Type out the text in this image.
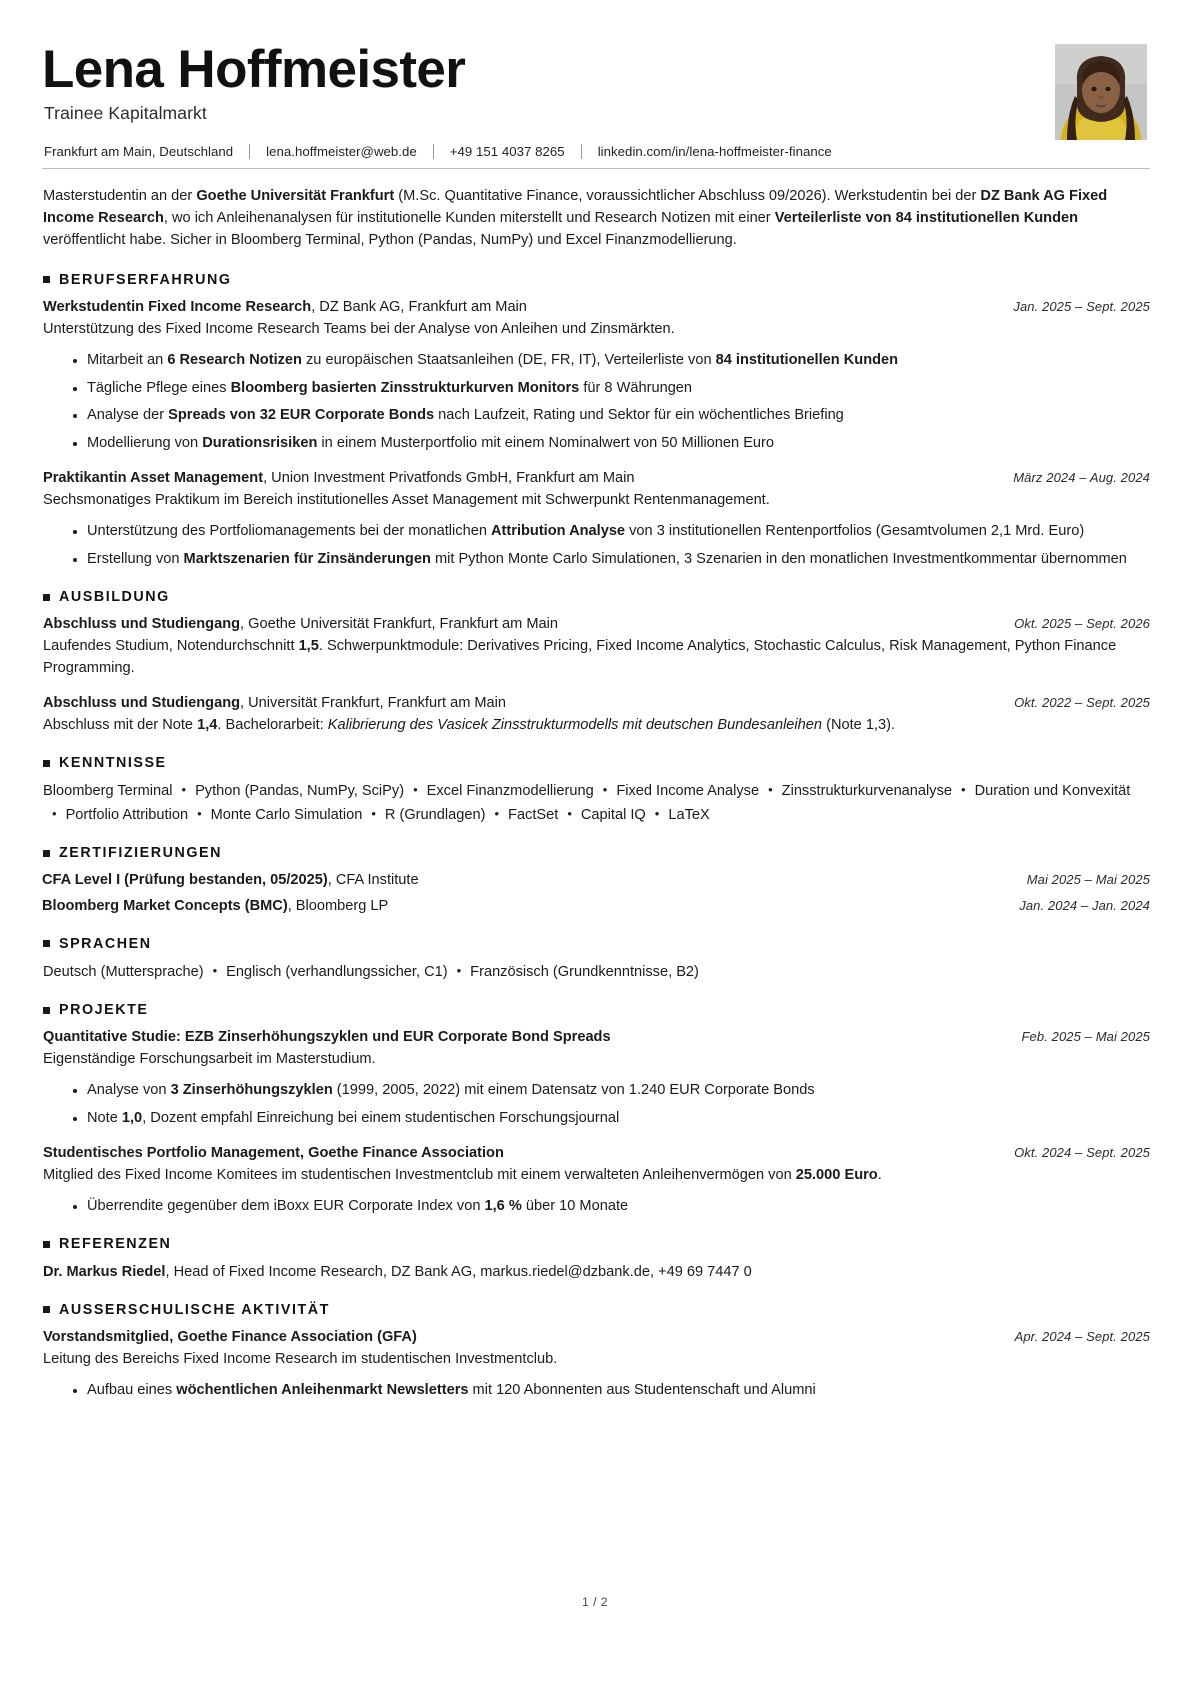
Lena Hoffmeister
Trainee Kapitalmarkt
Frankfurt am Main, Deutschland	lena.hoffmeister@web.de	+49 151 4037 8265	linkedin.com/in/lena-hoffmeister-finance

Masterstudentin an der Goethe Universität Frankfurt (M.Sc. Quantitative Finance, voraussichtlicher Abschluss 09/2026). Werkstudentin bei der DZ Bank AG Fixed Income Research, wo ich Anleihenanalysen für institutionelle Kunden miterstellt und Research Notizen mit einer Verteilerliste von 84 institutionellen Kunden veröffentlicht habe. Sicher in Bloomberg Terminal, Python (Pandas, NumPy) und Excel Finanzmodellierung.

BERUFSERFAHRUNG
Werkstudentin Fixed Income Research, DZ Bank AG, Frankfurt am Main	Jan. 2025 – Sept. 2025
Unterstützung des Fixed Income Research Teams bei der Analyse von Anleihen und Zinsmärkten.
Mitarbeit an 6 Research Notizen zu europäischen Staatsanleihen (DE, FR, IT), Verteilerliste von 84 institutionellen Kunden
Tägliche Pflege eines Bloomberg basierten Zinsstrukturkurven Monitors für 8 Währungen
Analyse der Spreads von 32 EUR Corporate Bonds nach Laufzeit, Rating und Sektor für ein wöchentliches Briefing
Modellierung von Durationsrisiken in einem Musterportfolio mit einem Nominalwert von 50 Millionen Euro
Praktikantin Asset Management, Union Investment Privatfonds GmbH, Frankfurt am Main	März 2024 – Aug. 2024
Sechsmonatiges Praktikum im Bereich institutionelles Asset Management mit Schwerpunkt Rentenmanagement.
Unterstützung des Portfoliomanagements bei der monatlichen Attribution Analyse von 3 institutionellen Rentenportfolios (Gesamtvolumen 2,1 Mrd. Euro)
Erstellung von Marktszenarien für Zinsänderungen mit Python Monte Carlo Simulationen, 3 Szenarien in den monatlichen Investmentkommentar übernommen
AUSBILDUNG
Abschluss und Studiengang, Goethe Universität Frankfurt, Frankfurt am Main	Okt. 2025 – Sept. 2026
Laufendes Studium, Notendurchschnitt 1,5. Schwerpunktmodule: Derivatives Pricing, Fixed Income Analytics, Stochastic Calculus, Risk Management, Python Finance Programming.
Abschluss und Studiengang, Universität Frankfurt, Frankfurt am Main	Okt. 2022 – Sept. 2025
Abschluss mit der Note 1,4. Bachelorarbeit: Kalibrierung des Vasicek Zinsstrukturmodells mit deutschen Bundesanleihen (Note 1,3).
KENNTNISSE
Bloomberg Terminal • Python (Pandas, NumPy, SciPy) • Excel Finanzmodellierung • Fixed Income Analyse • Zinsstrukturkurvenanalyse • Duration und Konvexität• Portfolio Attribution • Monte Carlo Simulation • R (Grundlagen) • FactSet • Capital IQ • LaTeX
ZERTIFIZIERUNGEN
CFA Level I (Prüfung bestanden, 05/2025), CFA Institute	Mai 2025 – Mai 2025
Bloomberg Market Concepts (BMC), Bloomberg LP	Jan. 2024 – Jan. 2024
SPRACHEN
Deutsch (Muttersprache) • Englisch (verhandlungssicher, C1) • Französisch (Grundkenntnisse, B2)
PROJEKTE
Quantitative Studie: EZB Zinserhöhungszyklen und EUR Corporate Bond Spreads	Feb. 2025 – Mai 2025
Eigenständige Forschungsarbeit im Masterstudium.
Analyse von 3 Zinserhöhungszyklen (1999, 2005, 2022) mit einem Datensatz von 1.240 EUR Corporate Bonds
Note 1,0, Dozent empfahl Einreichung bei einem studentischen Forschungsjournal
Studentisches Portfolio Management, Goethe Finance Association	Okt. 2024 – Sept. 2025
Mitglied des Fixed Income Komitees im studentischen Investmentclub mit einem verwalteten Anleihenvermögen von 25.000 Euro.
Überrendite gegenüber dem iBoxx EUR Corporate Index von 1,6 % über 10 Monate
REFERENZEN
Dr. Markus Riedel, Head of Fixed Income Research, DZ Bank AG, markus.riedel@dzbank.de, +49 69 7447 0
AUSSERSCHULISCHE AKTIVITÄT
Vorstandsmitglied, Goethe Finance Association (GFA)	Apr. 2024 – Sept. 2025
Leitung des Bereichs Fixed Income Research im studentischen Investmentclub.
Aufbau eines wöchentlichen Anleihenmarkt Newsletters mit 120 Abonnenten aus Studentenschaft und Alumni
1 / 2
